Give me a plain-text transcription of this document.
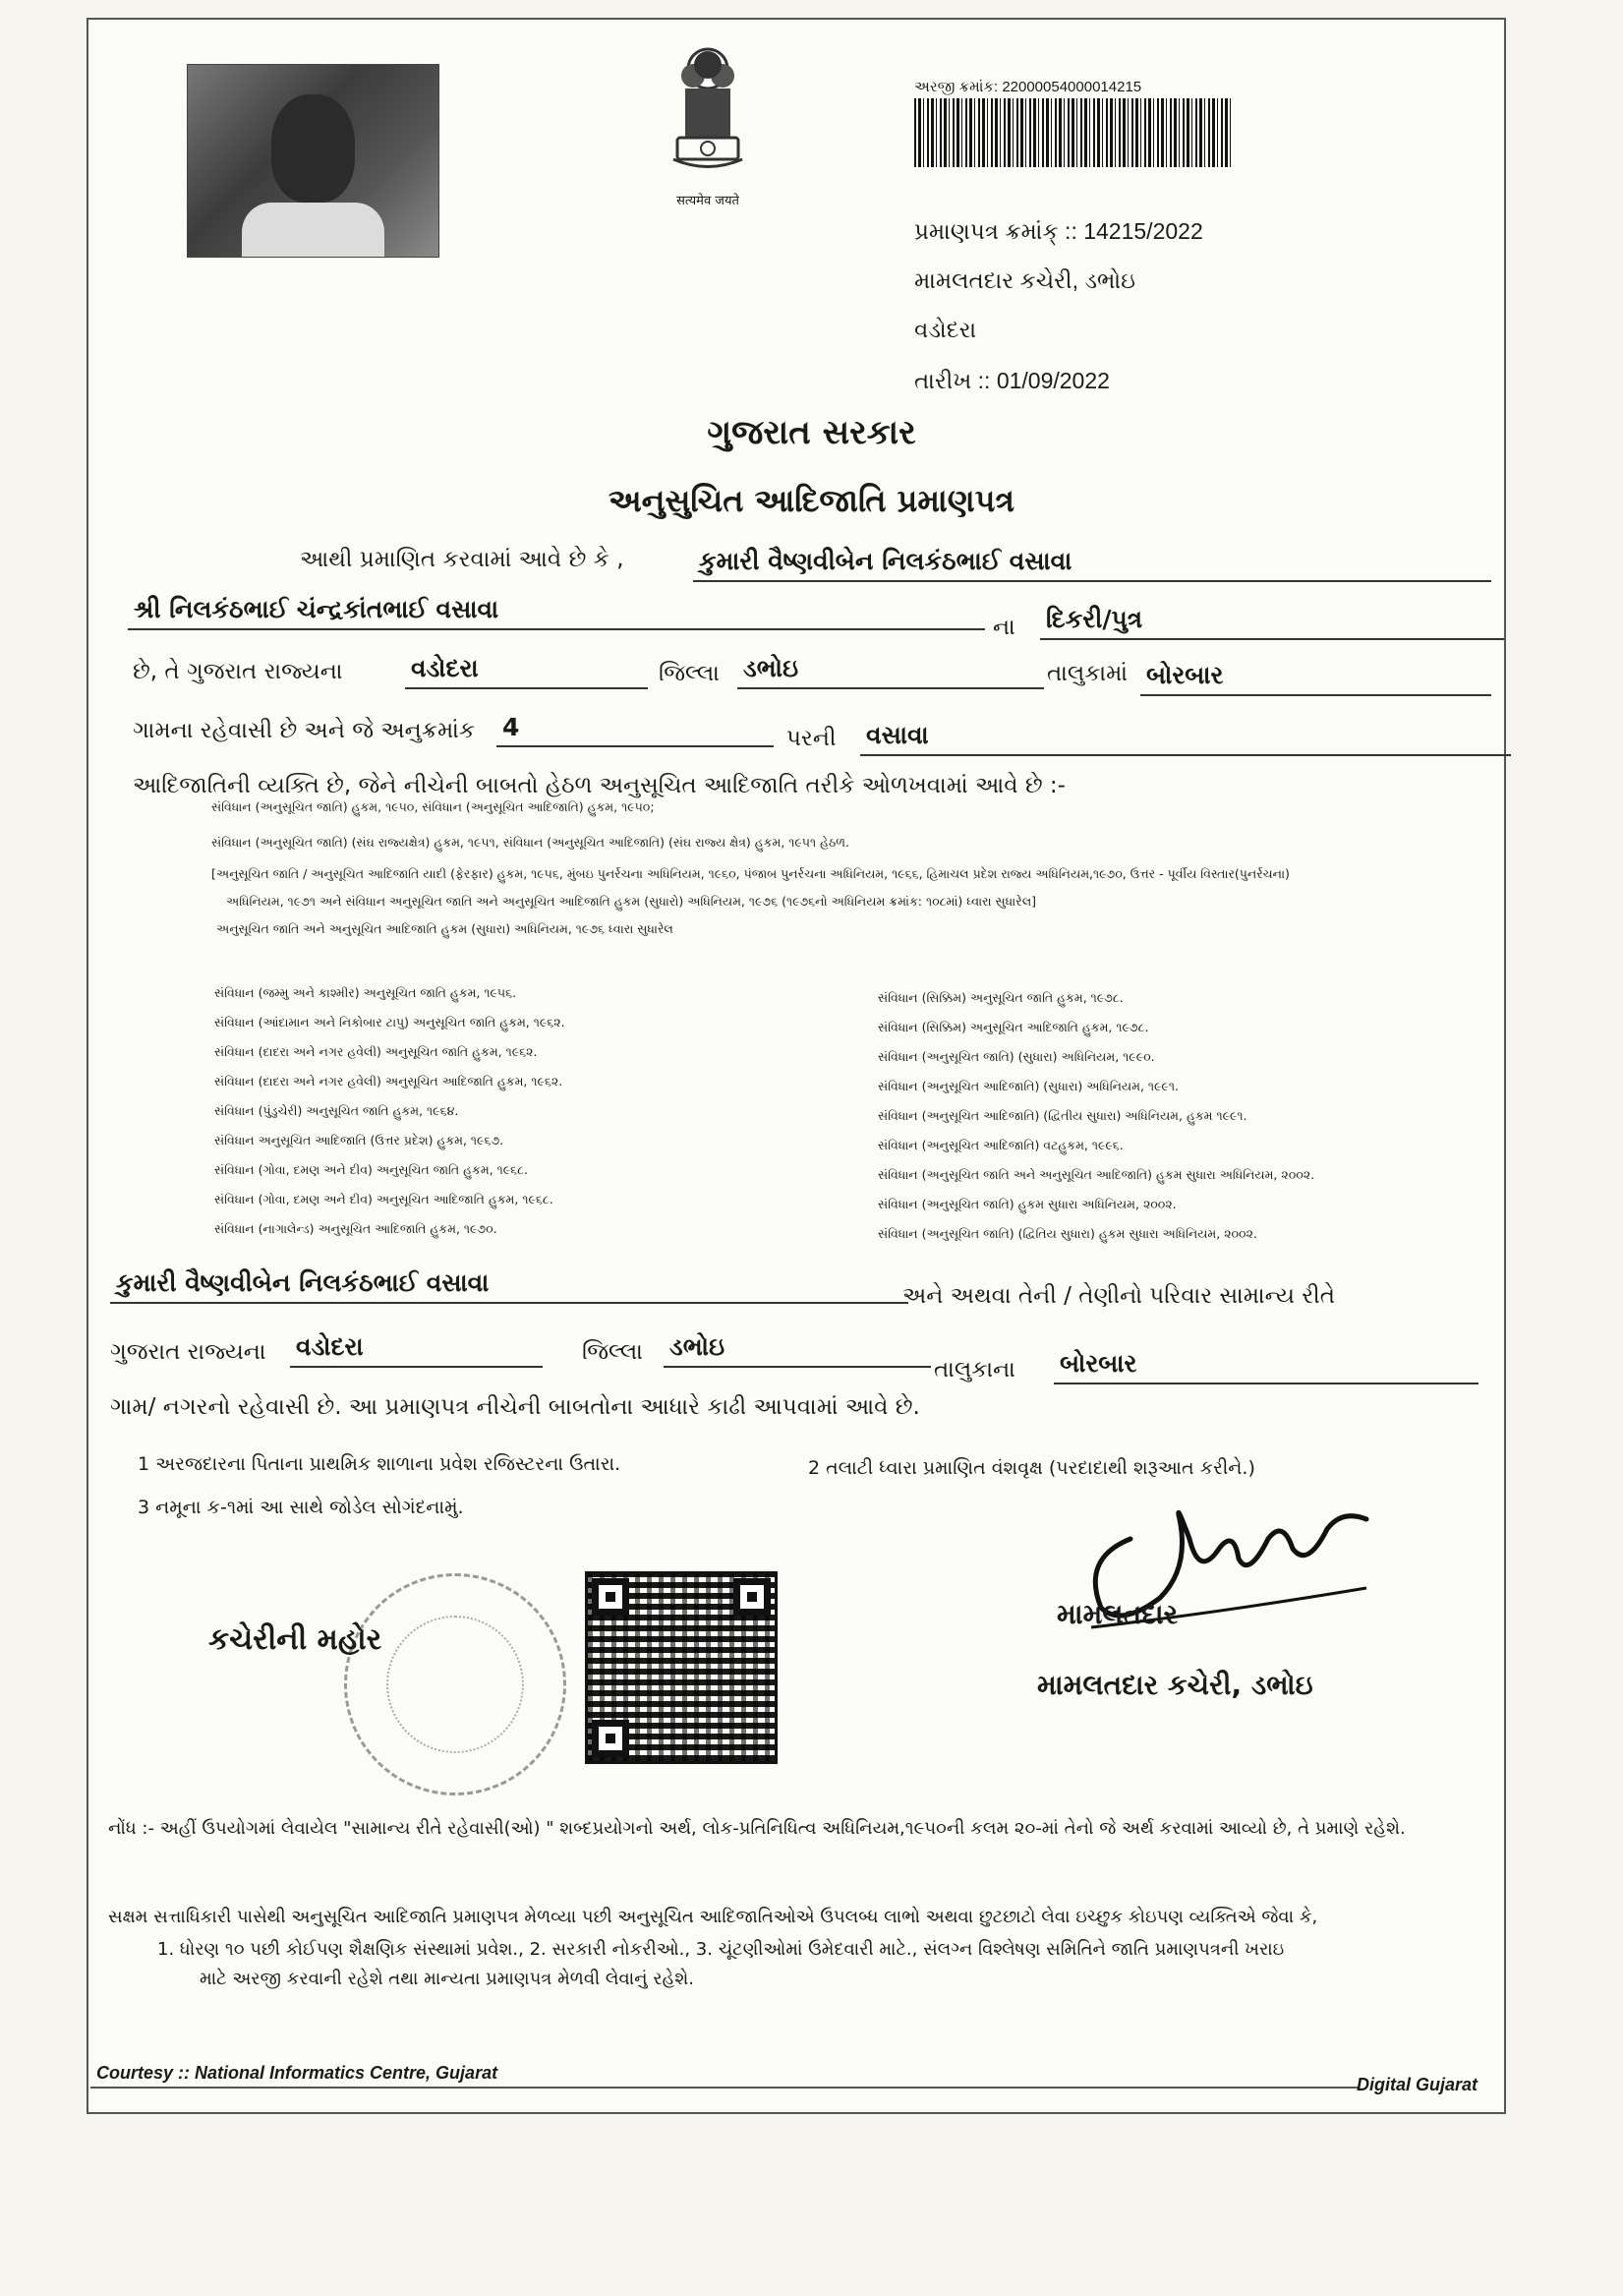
सत्यमेव जयते
અરજી ક્રમાંક: 22000054000014215
પ્રમાણપત્ર ક્રમાંક્ :: 14215/2022
મામલતદાર કચેરી, ડભોઇ
વડોદરા
તારીખ :: 01/09/2022
ગુજરાત સરકાર
અનુસુચિત આદિજાતિ પ્રમાણપત્ર
આથી પ્રમાણિત કરવામાં આવે છે કે ,	કુમારી વૈષ્ણવીબેન નિલકંઠભાઈ વસાવા
શ્રી નિલકંઠભાઈ ચંન્દ્રકાંતભાઈ વસાવા
ના દિકરી/પુત્ર
છે, તે ગુજરાત રાજ્યના	વડોદરા	જિલ્લા ડભોઇ	તાલુકામાં બોરબાર
ગામના રહેવાસી છે અને જે અનુક્રમાંક 4	પરની વસાવા
આદિજાતિની વ્યક્તિ છે, જેને નીચેની બાબતો હેઠળ અનુસૂચિત આદિજાતિ તરીકે ઓળખવામાં આવે છે :-
સંવિધાન (અનુસૂચિત જાતિ) હુકમ, ૧૯૫૦, સંવિધાન (અનુસૂચિત આદિજાતિ) હુકમ, ૧૯૫૦;
સંવિધાન (અનુસૂચિત જાતિ) (સંઘ રાજ્યક્ષેત્ર) હુકમ, ૧૯૫૧, સંવિધાન (અનુસૂચિત આદિજાતિ) (સંઘ રાજ્ય ક્ષેત્ર) હુકમ, ૧૯૫૧ હેઠળ.
[અનુસૂચિત જાતિ / અનુસૂચિત આદિજાતિ યાદી (ફેરફાર) હુકમ, ૧૯૫૬, મુંબઇ પુનર્રચના અધિનિયમ, ૧૯૬૦, પંજાબ પુનર્રચના અધિનિયમ, ૧૯૬૬, હિમાચલ પ્રદેશ રાજ્ય અધિનિયમ,૧૯૭૦, ઉત્તર - પૂર્વીય વિસ્તાર(પુનર્રચના)
અધિનિયમ, ૧૯૭૧ અને સંવિધાન અનુસૂચિત જાતિ અને અનુસૂચિત આદિજાતિ હુકમ (સુધારો) અધિનિયમ, ૧૯૭૬ (૧૯૭૬નો અધિનિયમ ક્રમાંક: ૧૦૮માં) ધ્વારા સુધારેલ]
અનુસૂચિત જાતિ અને અનુસૂચિત આદિજાતિ હુકમ (સુધારા) અધિનિયમ, ૧૯૭૬ ધ્વારા સુધારેલ
સંવિધાન (જમ્મુ અને કાશ્મીર) અનુસૂચિત જાતિ હુકમ, ૧૯૫૬.
સંવિધાન (આંદામાન અને નિકોબાર ટાપુ) અનુસૂચિત જાતિ હુકમ, ૧૯૬૨.
સંવિધાન (દાદરા અને નગર હવેલી) અનુસૂચિત જાતિ હુકમ, ૧૯૬૨.
સંવિધાન (દાદરા અને નગર હવેલી) અનુસૂચિત આદિજાતિ હુકમ, ૧૯૬૨.
સંવિધાન (પુંડુચેરી) અનુસૂચિત જાતિ હુકમ, ૧૯૬૪.
સંવિધાન અનુસૂચિત આદિજાતિ (ઉત્તર પ્રદેશ) હુકમ, ૧૯૬૭.
સંવિધાન (ગોવા, દમણ અને દીવ) અનુસૂચિત જાતિ હુકમ, ૧૯૬૮.
સંવિધાન (ગોવા, દમણ અને દીવ) અનુસૂચિત આદિજાતિ હુકમ, ૧૯૬૮.
સંવિધાન (નાગાલેન્ડ) અનુસૂચિત આદિજાતિ હુકમ, ૧૯૭૦.
સંવિધાન (સિક્કિમ) અનુસૂચિત જાતિ હુકમ, ૧૯૭૮.
સંવિધાન (સિક્કિમ) અનુસૂચિત આદિજાતિ હુકમ, ૧૯૭૮.
સંવિધાન (અનુસૂચિત જાતિ) (સુધારા) અધિનિયમ, ૧૯૯૦.
સંવિધાન (અનુસૂચિત આદિજાતિ) (સુધારા) અધિનિયમ, ૧૯૯૧.
સંવિધાન (અનુસૂચિત આદિજાતિ) (દ્વિતીય સુધારા) અધિનિયમ, હુકમ ૧૯૯૧.
સંવિધાન (અનુસૂચિત આદિજાતિ) વટહુકમ, ૧૯૯૬.
સંવિધાન (અનુસૂચિત જાતિ અને અનુસૂચિત આદિજાતિ) હુકમ સુધારા અધિનિયમ, ૨૦૦૨.
સંવિધાન (અનુસૂચિત જાતિ) હુકમ સુધારા અધિનિયમ, ૨૦૦૨.
સંવિધાન (અનુસૂચિત જાતિ) (દ્વિતિય સુધારા) હુકમ સુધારા અધિનિયમ, ૨૦૦૨.
કુમારી વૈષ્ણવીબેન નિલકંઠભાઈ વસાવા	અને અથવા તેની / તેણીનો પરિવાર સામાન્ય રીતે
ગુજરાત રાજ્યના વડોદરા	જિલ્લા ડભોઇ
તાલુકાના બોરબાર
ગામ/ નગરનો રહેવાસી છે. આ પ્રમાણપત્ર નીચેની બાબતોના આધારે કાઢી આપવામાં આવે છે.
1 અરજદારના પિતાના પ્રાથમિક શાળાના પ્રવેશ રજિસ્ટરના ઉતારા.	2 તલાટી ધ્વારા પ્રમાણિત વંશવૃક્ષ (પરદાદાથી શરૂઆત કરીને.)
3 નમૂના ક-૧માં આ સાથે જોડેલ સોગંદનામું.
કચેરીની મહોર
મામલતદાર
મામલતદાર કચેરી, ડભોઇ
નોંધ :- અહીં ઉપયોગમાં લેવાયેલ "સામાન્ય રીતે રહેવાસી(ઓ) " શબ્દપ્રયોગનો અર્થ, લોક-પ્રતિનિધિત્વ અધિનિયમ,૧૯૫૦ની કલમ ૨૦-માં તેનો જે અર્થ કરવામાં આવ્યો છે, તે પ્રમાણે રહેશે.
સક્ષમ સત્તાધિકારી પાસેથી અનુસૂચિત આદિજાતિ પ્રમાણપત્ર મેળવ્યા પછી અનુસૂચિત આદિજાતિઓએ ઉપલબ્ધ લાભો અથવા છુટછાટો લેવા ઇચ્છુક કોઇપણ વ્યક્તિએ જેવા કે,
1. ધોરણ ૧૦ પછી કોઈપણ શૈક્ષણિક સંસ્થામાં પ્રવેશ., 2. સરકારી નોકરીઓ., 3. ચૂંટણીઓમાં ઉમેદવારી માટે., સંલગ્ન વિશ્લેષણ સમિતિને જાતિ પ્રમાણપત્રની ખરાઇ
માટે અરજી કરવાની રહેશે તથા માન્યતા પ્રમાણપત્ર મેળવી લેવાનું રહેશે.
Courtesy :: National Informatics Centre, Gujarat
Digital Gujarat
